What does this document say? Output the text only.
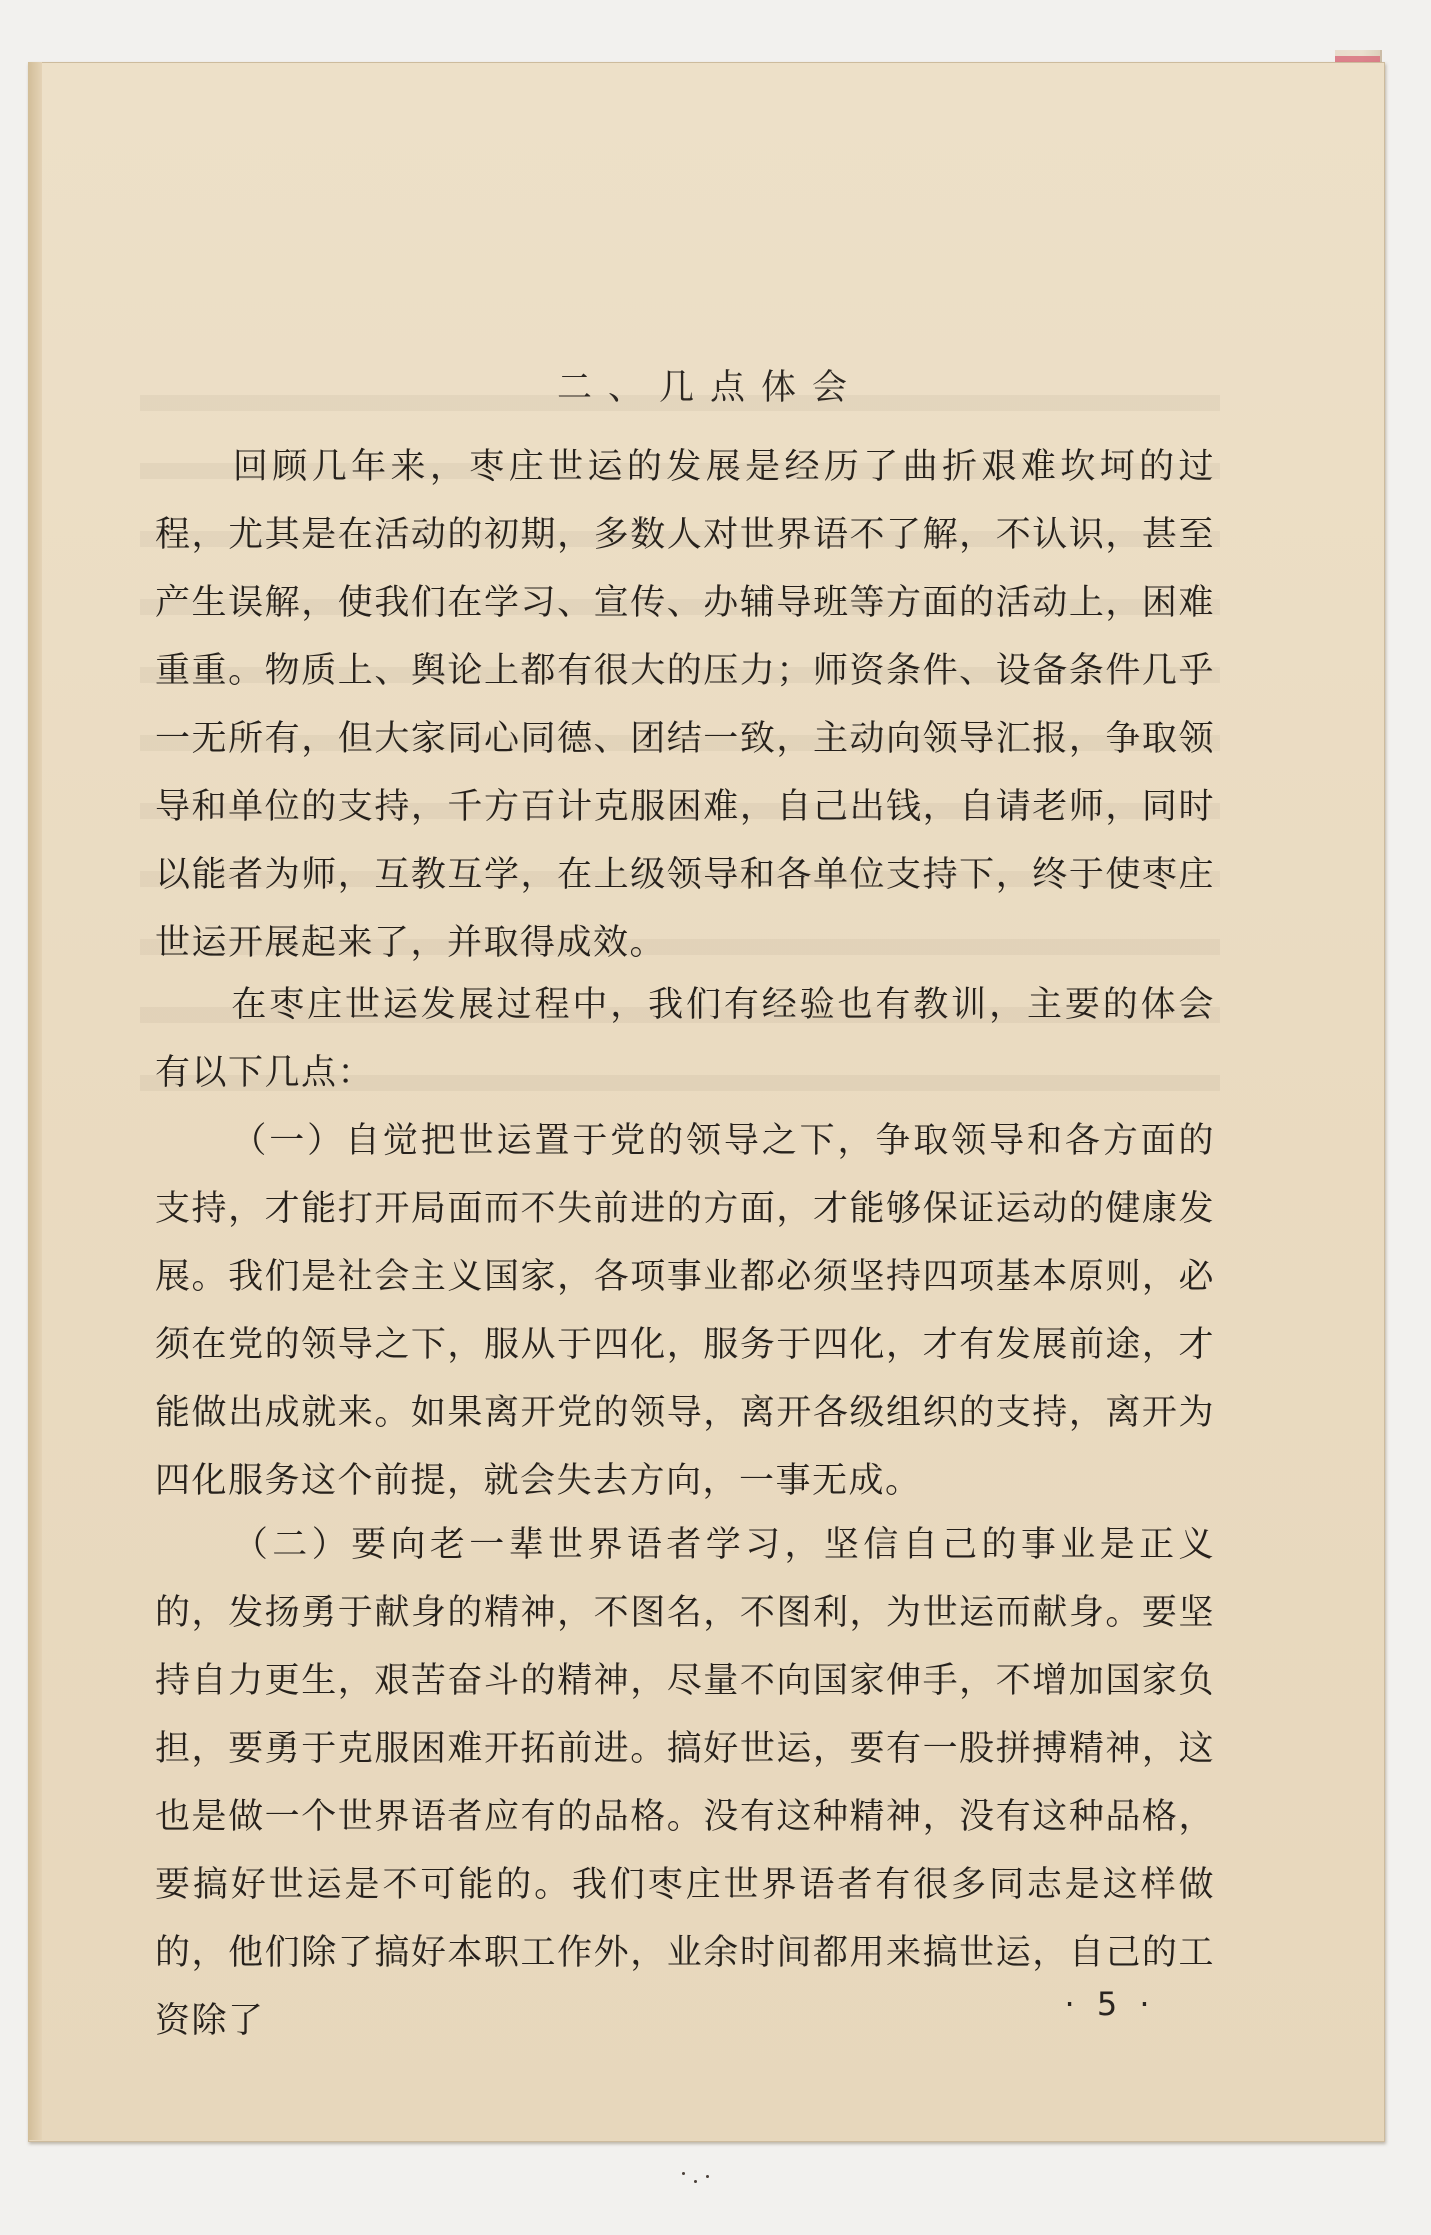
二、几点体会
回顾几年来，枣庄世运的发展是经历了曲折艰难坎坷的过程，尤其是在活动的初期，多数人对世界语不了解，不认识，甚至产生误解，使我们在学习、宣传、办辅导班等方面的活动上，困难重重。物质上、舆论上都有很大的压力；师资条件、设备条件几乎一无所有，但大家同心同德、团结一致，主动向领导汇报，争取领导和单位的支持，千方百计克服困难，自己出钱，自请老师，同时以能者为师，互教互学，在上级领导和各单位支持下，终于使枣庄世运开展起来了，并取得成效。
在枣庄世运发展过程中，我们有经验也有教训，主要的体会有以下几点：
（一）自觉把世运置于党的领导之下，争取领导和各方面的支持，才能打开局面而不失前进的方面，才能够保证运动的健康发展。我们是社会主义国家，各项事业都必须坚持四项基本原则，必须在党的领导之下，服从于四化，服务于四化，才有发展前途，才能做出成就来。如果离开党的领导，离开各级组织的支持，离开为四化服务这个前提，就会失去方向，一事无成。
（二）要向老一辈世界语者学习，坚信自己的事业是正义的，发扬勇于献身的精神，不图名，不图利，为世运而献身。要坚持自力更生，艰苦奋斗的精神，尽量不向国家伸手，不增加国家负担，要勇于克服困难开拓前进。搞好世运，要有一股拼搏精神，这也是做一个世界语者应有的品格。没有这种精神，没有这种品格，要搞好世运是不可能的。我们枣庄世界语者有很多同志是这样做的，他们除了搞好本职工作外，业余时间都用来搞世运，自己的工资除了	· 5 ·
